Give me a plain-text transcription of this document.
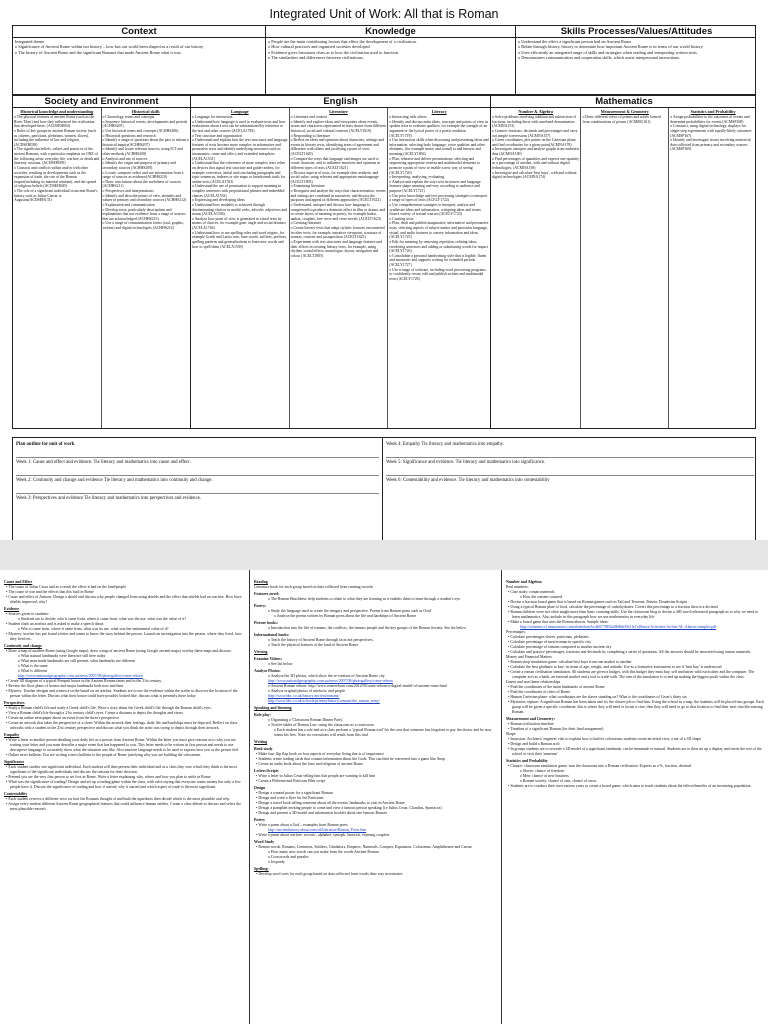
Integrated Unit of Work: All that is Roman
Context	Knowledge	Skills Processes/Values/Attitudes
Integrated theme
o Significance of Ancient Rome within our history – how has our world been shaped as a result of our history
o The history of Ancient Rome and the significant Romans that made Ancient Rome what it was.
o People are the main contributing factors that effect the development of a civilisation.
o How cultural practices and organised societies developed
o Evidence gives historians clues as to how the civilisation used to function.
o The similarities and differences between civilisations.
o Understand the effect a significant person had on Ancient Rome
o Relate through history, history to determine how important Ancient Rome is in terms of our world history.
o Uses efficiently an integrated range of skills and strategies when reading and interpreting written texts.
o Demonstrates communication and cooperation skills, which assist interpersonal interactions.
Society and Environment	English	Mathematics
Historical knowledge and understanding
o The physical features of ancient Rome (such as the River Tiber) and how they influenced the civilisation that developed there. (ACDSEH004)
o Roles of key groups in ancient Roman society (such as citizens, patricians, plebeians, women, slaves), including the influence of law and religion. (ACDSEH038)
o The significant beliefs, values and practices of the ancient Romans, with a particular emphasis on ONE of the following areas: everyday life, warfare, or death and funerary customs. (ACDSEH039)
o Contacts and conflicts within and/or with other societies, resulting in developments such as the expansion of trade, the rise of the Roman empire(including its material remains), and the spread of religious beliefs (ACDSEH040)
o The role of a significant individual in ancient Rome's history such as Julius Caesar or Augustus(ACDSEH131)
Historical skills
o Chronology, terms and concepts
o Sequence historical events, developments and periods (ACHHS205)
o Use historical terms and concepts (ACHHS206)
o Historical questions and research
o Identify a range of questions about the past to inform a historical inquiry(ACHHS207)
o Identify and locate relevant sources, using ICT and other methods (ACHHS208)
o Analysis and use of sources
o Identify the origin and purpose of primary and secondary sources (ACHHS209)
o Locate, compare, select and use information from a range of sources as evidence(ACHHS210)
o Draw conclusions about the usefulness of sources (ACHHS211)
o Perspectives and interpretations
o Identify and describe points of view, attitudes and values in primary and secondary sources (ACHHS212)
o Explanation and communication
o Develop texts, particularly descriptions and explanations that use evidence from a range of sources that are acknowledged (ACHHS213)
o Use a range of communication forms (oral, graphic, written) and digital technologies (ACHHS214)
Language
o Language for interaction
o Understand how language is used to evaluate texts and how evaluations about a text can be substantiated by reference to the text and other sources (ACELA1782)
o Text structure and organisation
o Understand and explain how the text structures and language features of texts become more complex in informative and persuasive texts and identify underlying structures such as taxonomies, cause and effect, and extended metaphors (ACELA1531)
o Understand that the coherence of more complex texts relies on devices that signal text structure and guide readers, for example overviews, initial and concluding paragraphs and topic sentences, indexes or site maps or breadcrumb trails for online texts (ACELA1763)
o Understand the use of punctuation to support meaning in complex sentences with prepositional phrases and embedded clauses (ACELA1532)
o Expressing and developing ideas
o Understand how modality is achieved through discriminating choices in modal verbs, adverbs, adjectives and nouns (ACELA1536)
o Analyse how point of view is generated in visual texts by means of choices, for example gaze, angle and social distance (ACELA1764)
o Understand how to use spelling rules and word origins, for example Greek and Latin roots, base words, suffixes, prefixes, spelling patterns and generalisations to learn new words and how to spell them (ACELA1539)
Literature
o Literature and context
o Identify and explore ideas and viewpoints about events, issues and characters represented in texts drawn from different historical, social and cultural contexts (ACELT1619)
o Responding to literature
o Reflect on ideas and opinions about characters, settings and events in literary texts, identifying areas of agreement and difference with others and justifying a point of view (ACELT1620)
o Compare the ways that language and images are used to create character, and to influence emotions and opinions in different types of texts (ACELT1621)
o Discuss aspects of texts, for example their aesthetic and social value, using relevant and appropriate metalanguage (ACELT1803)
o Examining literature
o Recognise and analyse the ways that characterisation, events and settings are combined in narratives, and discuss the purposes and appeal of different approaches (ACELT1622)
o Understand, interpret and discuss how language is compressed to produce a dramatic effect in film or drama, and to create layers of meaning in poetry, for example haiku, tankas, couplets, free verse and verse novels (ACELT1623)
o Creating literature
o Create literary texts that adapt stylistic features encountered in other texts, for example, narrative viewpoint, structure of stanzas, contrast and juxtaposition (ACELT1625)
o Experiment with text structures and language features and their effects in creating literary texts, for example, using rhythm, sound effects, monologue, layout, navigation and colour (ACELT1805)
Literacy
o Interacting with others
o Identify and discuss main ideas, concepts and points of view in spoken texts to evaluate qualities, for example the strength of an argument or the lyrical power of a poetic rendition (ACELY1719)
o Use interaction skills when discussing and presenting ideas and information, selecting body language, voice qualities and other elements, (for example music and sound) to add interest and meaning (ACELY1804)
o Plan, rehearse and deliver presentations, selecting and sequencing appropriate content and multimodal elements to promote a point of view or enable a new way of seeing (ACELY1720)
o Interpreting, analysing, evaluating
o Analyse and explain the ways text structures and language features shape meaning and vary according to audience and purpose (ACELY1721)
o Use prior knowledge and text processing strategies to interpret a range of types of texts (ACELY1722)
o Use comprehension strategies to interpret, analyse and synthesise ideas and information, critiquing ideas and issues from a variety of textual sources (ACELY1723)
o Creating texts
o Plan, draft and publish imaginative, informative and persuasive texts, selecting aspects of subject matter and particular language, visual, and audio features to convey information and ideas (ACELY1725)
o Edit for meaning by removing repetition, refining ideas, reordering sentences and adding or substituting words for impact (ACELY1726)
o Consolidate a personal handwriting style that is legible, fluent and automatic and supports writing for extended periods (ACELY1727)
o Use a range of software, including word processing programs, to confidently create, edit and publish written and multimodal texts (ACELY1728)
Number & Algebra
o Solve problems involving addition and subtraction of fractions, including those with unrelated denominators (ACMNA153)
o Connect fractions, decimals and percentages and carry out simple conversions (ACMNA157)
o Given coordinates, plot points on the Cartesian plane, and find coordinates for a given point(ACMNA178)
o Investigate, interpret and analyse graphs from authentic data (ACMNA180)
o Find percentages of quantities and express one quantity as a percentage of another, with and without digital technologies. (ACMNA158)
o Investigate and calculate 'best buys', with and without digital technologies (ACMNA174)
Measurement & Geometry
o Draw different views of prisms and solids formed from combinations of prisms (ACMMG161)
Statistics and Probability
o Assign probabilities to the outcomes of events and determine probabilities for events (ACMSP168)
o Construct, using digital technology, displays for single-step experiments with equally-likely outcomes (ACMSP167)
o Identify and investigate issues involving numerical data collected from primary and secondary sources (ACMSP169)
Plan outline for unit of work
Week 1: Cause and effect and evidence. Tie literacy and mathematics into cause and effect.
Week 2: Continuity and change and evidence Tie literacy and mathematics into continuity and change.
Week 3: Perspectives and evidence Tie literacy and mathematics into perspectives and evidence.
Week 4: Empathy Tie literacy and mathematics into empathy.
Week 5: Significance and evidence. Tie literacy and mathematics into significance.
Week 6: Contestability and evidence. Tie literacy and mathematics into contestability
Cause and Effect
• The cause of Julius Cesar and as a result the effect it had on the land/people
• The cause of war and the effects that this had on Rome
• Cause and effect of Armour. Design a shield and discuss why people changed from using shields and the effect that shields had on warfare. How have shields improved, why?
Evidence
• Sources given to students:
o Students are to decide; who it came from, where it came from, what was the use, what was the value of it?
• Student finds an artefact and is asked to make a speech about
o Who it came from, where it came from, what was its use, what was the sentimental value of it?
• Mystery: teacher has put found a letter and wants to know the story behind the person. Launch an investigation into the person, where they lived, how they lived etc.
Continuity and change
• Draw a map of modern Rome (using Google maps), draw a map of ancient Rome (using Google ancient maps) overlay these maps and discuss:
o What natural landmarks were there/are still here today
o What man made landmarks are still present, what landmarks are different
o What is the same
o What is different
http://www.nationalgeographic.com.au/news/2007/08/photogallery/rome-reborn
• Create 3D diagram of a typical Pompeii house in the Ancient Roman times and in the 21st century.
• Review the floor plans of houses and major landmarks both now and then.
• Mystery: Teacher designs and creates a scribe based on an artefact. Students are to use the evidence within the scribe to discover the location of the person within the letter. Discuss what their house could have possibly looked like, discuss what is presently there today
Perspectives
• Study a Roman child's life and study a Greek child's life. Write a story about the Greek child's life through the Roman child's eyes.
• View a Roman child's life through a 21st century child's eyes. Create a diorama to depict the thoughts and views
• Create an online newspaper about an event from the three's perspective
• Create an artwork that takes the perspective of a slave. Within the artwork their feelings, daily life and hardships must be depicted. Reflect on class artworks with a student in the 21st century perspective and discuss what you think the artist was trying to depict through their artwork.
Empathy
• Write a letter to another person detailing your daily life as a person from Ancient Rome. Within the letter you must give reasons as to why you are writing your letter and you must describe a major event that has happened to you. This letter needs to be written in first person and needs to use descriptive language to accurately show what the situation was like. Also emotive language needs to be used to express how you as the person feel.
• Online news bulletin. You are writing a news bulletin to the people of Rome justifying why you are building the colosseum.
Significance
• Each student studies one significant individual. Each student will then present their individual and as a class they vote which they think is the most significant of the significant individuals and discuss the reasons for their decision.
• Pretend you are the very first person to set foot in Rome. Write a letter explaining why, where and how you plan to settle in Rome
• What was the significance of trading? Design and set up a trading game within the class, with rules saying that everyone wants money but only a few people have it. Discuss the significance of trading and how it started, why it started and which aspect of trade is the most significant.
Contestability
• Each student reviews a different view on how the Romans thought of and built the aqueducts then decide which is the most plausible and why.
• Assign every student different Ancient Rome geographical features that could influence human settlers. Create a class debate to discuss and select the most plausible reason's
Reading
Literature book for each group based on data collected from running records
Features novel:
o The Roman Beachbest: help students to relate to what they are learning as it enables them to learn through a student's eye.
Poetry:
o Study the language used to create the imagery and perspective. Poems from Roman poets such as Ovid
o Analyse the poems written by Roman poets about the life and hardships of Ancient Rome
Picture books:
o Introduction into the life of romans, the conflicts, the famous people and the key groups of the Roman Society. See list below
Informational books:
o Teach the history of Ancient Rome through facts not perspectives.
o Teach the physical features of the land of Ancient Rome
Viewing
Examine Videos:
o See list below
Analyse Photos:
o Analyse the 3D photos, which show the re-creation of Ancient Rome city
http://www.nationalgeographic.com.au/news/2007/08/photogallery/rome-reborn
o Ancient Roman reborn: http://www.romereborn.com/2012/03/rome-reborn-a-digital-model-of-ancient-rome.html
o Analyse original photos of artefacts, and people
http://www.bbc.co.uk/history/ancient/romans/
http://www.bbc.co.uk/schools/primaryhistory/romans/the_roman_army/
Speaking and listening
Role play:
o Organising a 'Classroom Roman Dinner Party'
o Twelve tables of Roman Law: using the classroom as a courtroom
o Each student has a role and as a class perform a 'typical Roman trial' for the case that someone has forgotten to pay the doctor and he now wants his fees. Note: no executions will result from this trial
Writing
Book study
• Make four flip flap book on four aspects of everyday living that is of importance
• Students create trading cards that contain information about the Gods. This can then be converted into a game like Snap
• Create an audio book about the laws and religions of ancient Rome
Letters/Scripts
• Write a letter to Julius Cesar telling him that people are wanting to kill him
• Create a Plebeian and Patrician Film script
Design
• Design a wanted poster for a significant Roman.
• Design and write a flyer for the Patricians
• Design a travel book telling someone about all the events/ landmarks to visit in Ancient Rome
• Design a pamphlet inviting people to come and view a famous person speaking (i.e Julius Cesar, Claudius, Spartacus)
• Design and present a 3D model and information booklet about one famous Roman
Poetry
• Write a poem about a God – examples from Roman poets
http://ancienthistory.about.com/od/literature/Roman_Poets.htm
• Write a poem about warfare: acrostic, alphabet, syntoph, limerick, rhyming couplets
Word Study
• Roman words: Romans, Centurion, Soldiers, Gladiators, Emperor, Numerals, Conquer, Expansion, Colosseum, Amphitheatre and Caesar.
o How many new words can you make from the words Ancient Roman
o Crosswords and puzzles
o Jeopardy
Spelling:
• Develop word sorts for each group based on data collected from words their way inventories
Number and Algebra:
Real numbers:
• Case study: roman numerals
o How the romans counted
• Devise a fraction board game that is based on Roman games such as Tail and Tesserae, Petteia, Doudecim Scripta
• Using a typical Roman plate of food, calculate the percentage of carbohydrates. Covert this percentage to a fraction then to a decimal
• Roman children were not often taught more than basic counting skills. Use the classroom blog to devise a 400 word referenced paragraph as to why we need to learn mathematics. Also include in this paragraph how we use mathematics in everyday life
• Make a board game that uses the Roman abacus. Sample ideas:
http://solarims.s3.amazonaws.com/slideshow/bc4b0778832a9b8bb39e1fe7e28aeca/Activities-for-the-AL-Abacus-sampler.pdf
Percentages:
• Calculate percentages slaves: patricians, plebeians
• Calculate percentage of men/woman in specific city
• Calculate percentage of romans compared to another ancient city
• Calculate and practice percentages, fractions and decimals by completing a series of questions. All the answers should be answered using roman numerals.
Money and Financial Matters
• Roman shop simulation game: calculate best buys from one market to another
• Calculate the best gladiator to buy: in terms of age, weight, and attitude. Use as a formative assessment to see if 'best buy' is understood
• Create a roman civilisation simulation. All students are given a budget, with this budget they must buy, sell and barter with each other and the computer. The computer acts as a bank, an external market and a tool to trade with. The aim of the simulation is to end up making the biggest profit within the class.
Linear and non linear relationships
• Find the coordinates of the main landmarks of ancient Rome
• Find the coordinates of cities of Rome
• Human Cartesian plane: what coordinates are the slaves standing on? What is the coordinates of Cesar's thirty six
• Mysteries capture: A significant Roman has been taken and it's the classes job to find him. Using the school as a map, the students will be placed into groups. Each group will be given a specific coordinate, this is where they will need to locate a clue, then they will need to go to that location to find their next clue/the missing Roman.
Measurement and Geometry:
• Roman civilisation timeline
• Timeline of a significant Roman (for their final assignment)
Shape
• Incursion: Architect/ engineer visit to explain how to build a colosseum; students create an aerial view, a net of a 3D shape
• Design and build a Roman arch
• In groups students are to recreate a 3D model of a significant landmark: can be manmade or natural. Students are to then set up a display and invite the rest of the school to visit their 'museum'
Statistics and Probability
• Chance: classroom simulation game, turn the classroom into a Roman civilisation. Express as a %, fraction, decimal
o Slaves: chance of freedom
o Men: chance of new business
o Roman society: chance of rain, chance of snow
• Students are to conduct their own various years to create a board game, which aims to teach students about the effects/benefits of an increasing population.
